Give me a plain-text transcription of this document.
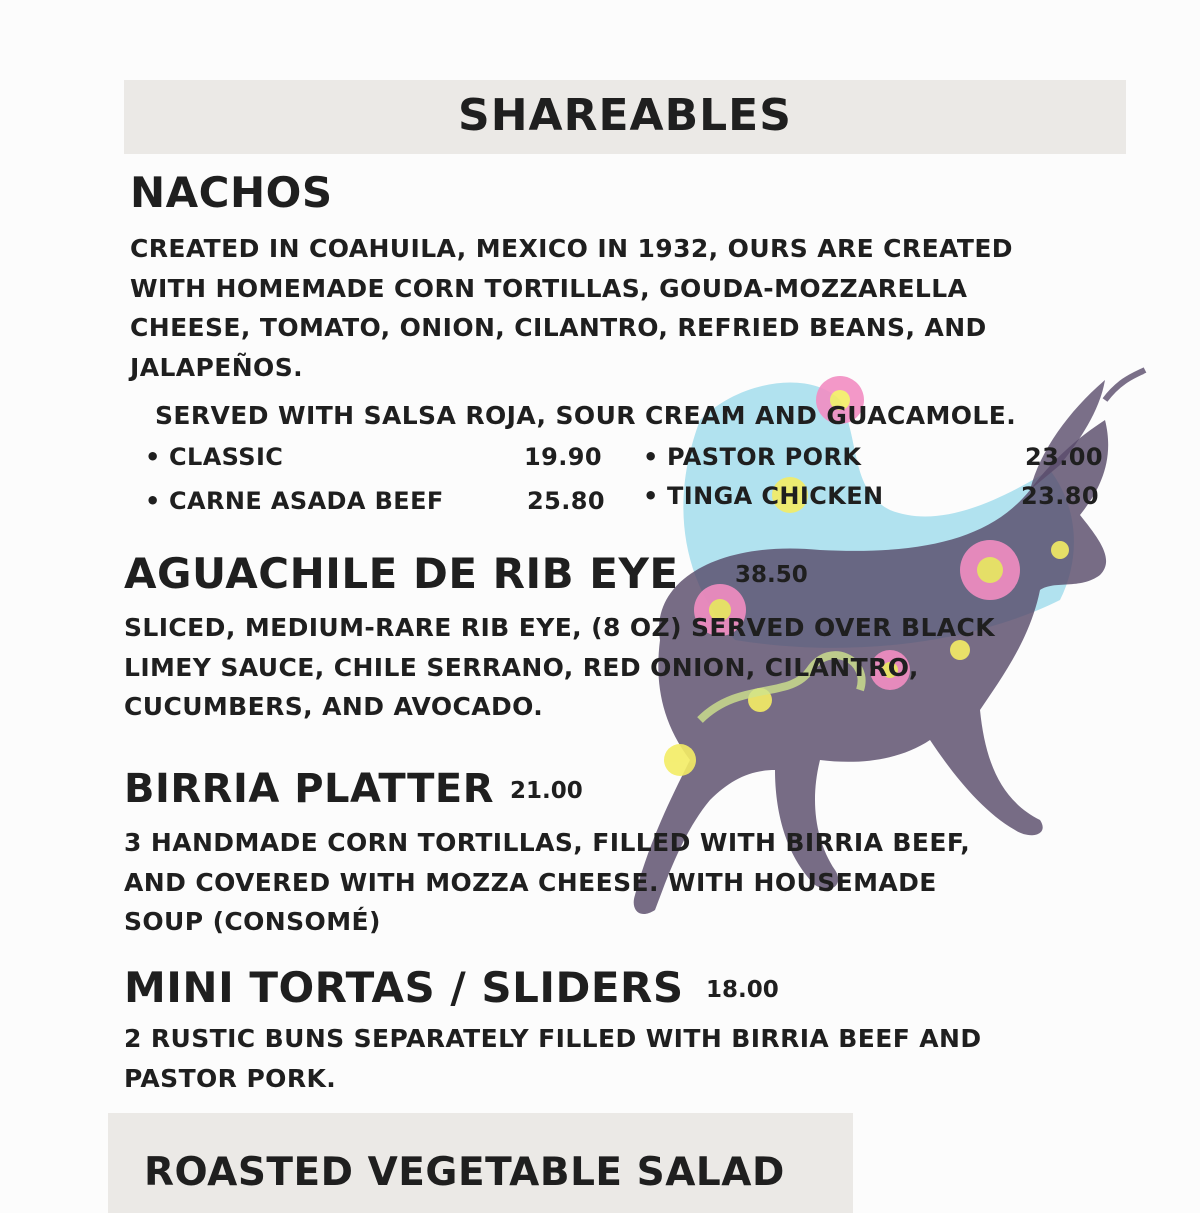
SHAREABLES
NACHOS
CREATED IN COAHUILA, MEXICO IN 1932, OURS ARE CREATED
WITH HOMEMADE CORN TORTILLAS, GOUDA-MOZZARELLA
CHEESE, TOMATO, ONION, CILANTRO, REFRIED BEANS, AND
JALAPEÑOS.
SERVED WITH SALSA ROJA, SOUR CREAM AND GUACAMOLE.
• CLASSIC	19.90
• CARNE ASADA BEEF	25.80
• PASTOR PORK	23.00
• TINGA CHICKEN	23.80
AGUACHILE DE RIB EYE 38.50
SLICED, MEDIUM-RARE RIB EYE, (8 OZ) SERVED OVER BLACK
LIMEY SAUCE, CHILE SERRANO, RED ONION, CILANTRO,
CUCUMBERS, AND AVOCADO.
BIRRIA PLATTER 21.00
3 HANDMADE CORN TORTILLAS, FILLED WITH BIRRIA BEEF,
AND COVERED WITH MOZZA CHEESE. WITH HOUSEMADE
SOUP (CONSOMÉ)
MINI TORTAS / SLIDERS 18.00
2 RUSTIC BUNS SEPARATELY FILLED WITH BIRRIA BEEF AND
PASTOR PORK.
ROASTED VEGETABLE SALAD
